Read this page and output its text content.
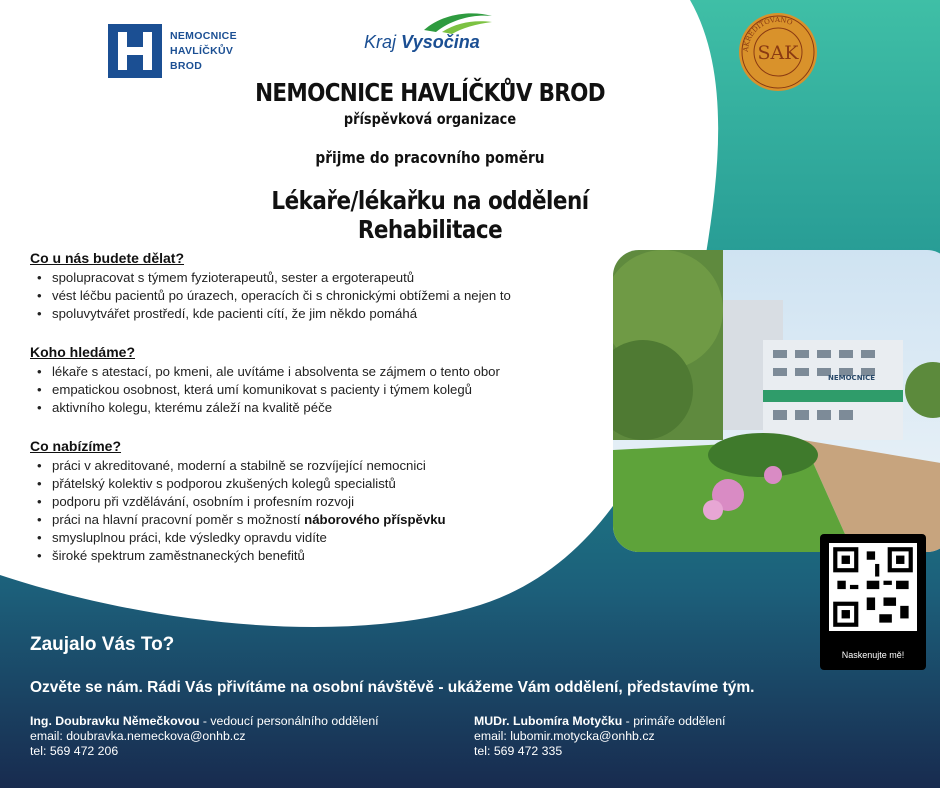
NEMOCNICE
HAVLÍČKŮV
BROD
Kraj Vysočina	AKREDITOVÁNO
SAK
NEMOCNICE HAVLÍČKŮV BROD
příspěvková organizace
přijme do pracovního poměru
Lékaře/lékařku na oddělení Rehabilitace
Co u nás budete dělat?
• spolupracovat s týmem fyzioterapeutů, sester a ergoterapeutů
• vést léčbu pacientů po úrazech, operacích či s chronickými obtížemi a nejen to
• spoluvytvářet prostředí, kde pacienti cítí, že jim někdo pomáhá
Koho hledáme?
• lékaře s atestací, po kmeni, ale uvítáme i absolventa se zájmem o tento obor
• empatickou osobnost, která umí komunikovat s pacienty i týmem kolegů
• aktivního kolegu, kterému záleží na kvalitě péče
Co nabízíme?
• práci v akreditované, moderní a stabilně se rozvíjející nemocnici
• přátelský kolektiv s podporou zkušených kolegů specialistů
• podporu při vzdělávání, osobním i profesním rozvoji
• práci na hlavní pracovní poměr s možností náborového příspěvku
• smysluplnou práci, kde výsledky opravdu vidíte
• široké spektrum zaměstnaneckých benefitů
NEMOCNICE
Naskenujte mě!
Zaujalo Vás To?
Ozvěte se nám. Rádi Vás přivítáme na osobní návštěvě - ukážeme Vám oddělení, představíme tým.
Ing. Doubravku Němečkovou - vedoucí personálního oddělení
email: doubravka.nemeckova@onhb.cz
tel: 569 472 206
MUDr. Lubomíra Motyčku - primáře oddělení
email: lubomir.motycka@onhb.cz
tel: 569 472 335
